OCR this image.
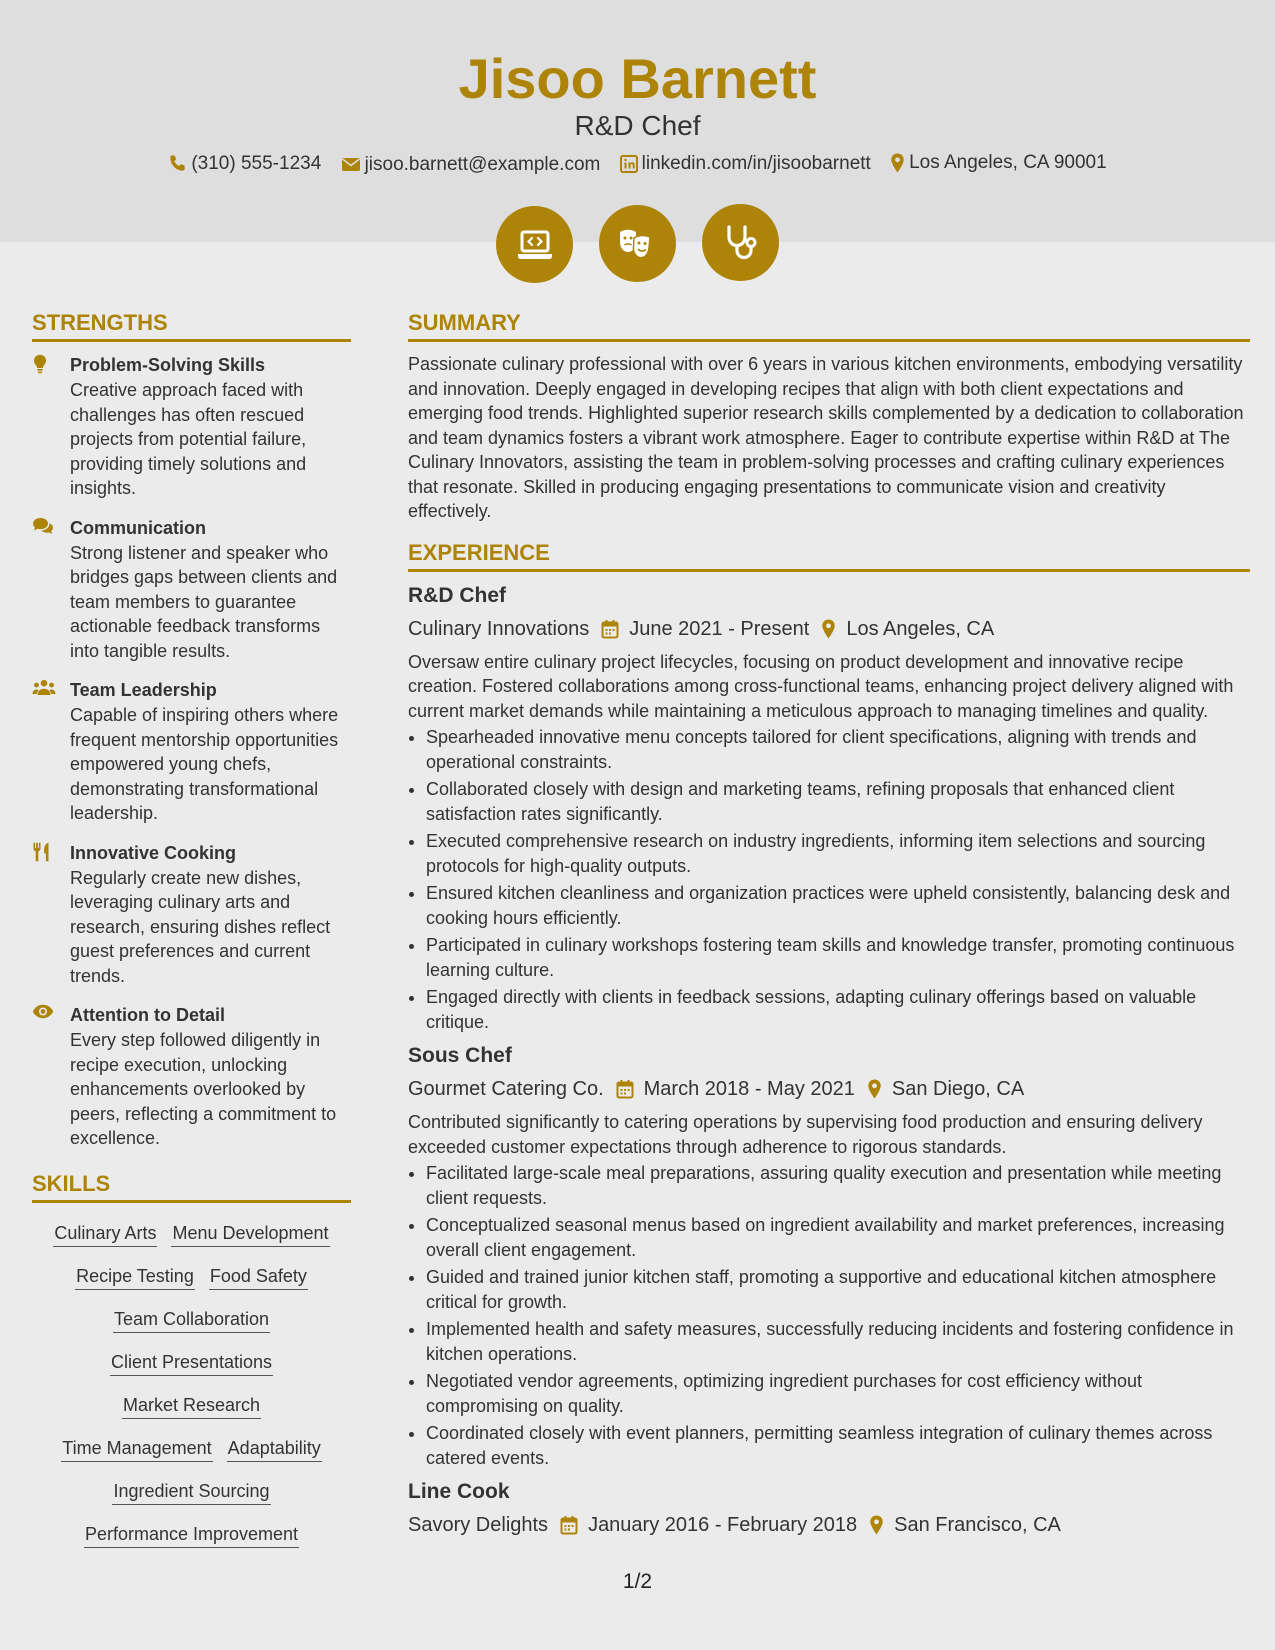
Jisoo Barnett
R&D Chef
(310) 555-1234
jisoo.barnett@example.com
linkedin.com/in/jisoobarnett
Los Angeles, CA 90001

STRENGTHS
Problem-Solving Skills
Creative approach faced with challenges has often rescued projects from potential failure, providing timely solutions and insights.
Communication
Strong listener and speaker who bridges gaps between clients and team members to guarantee actionable feedback transforms into tangible results.
Team Leadership
Capable of inspiring others where frequent mentorship opportunities empowered young chefs, demonstrating transformational leadership.
Innovative Cooking
Regularly create new dishes, leveraging culinary arts and research, ensuring dishes reflect guest preferences and current trends.
Attention to Detail
Every step followed diligently in recipe execution, unlocking enhancements overlooked by peers, reflecting a commitment to excellence.
SKILLS
Culinary Arts Menu Development
Recipe Testing Food Safety
Team Collaboration
Client Presentations
Market Research
Time Management Adaptability
Ingredient Sourcing
Performance Improvement
SUMMARY

Passionate culinary professional with over 6 years in various kitchen environments, embodying versatility and innovation. Deeply engaged in developing recipes that align with both client expectations and emerging food trends. Highlighted superior research skills complemented by a dedication to collaboration and team dynamics fosters a vibrant work atmosphere. Eager to contribute expertise within R&D at The Culinary Innovators, assisting the team in problem-solving processes and crafting culinary experiences that resonate. Skilled in producing engaging presentations to communicate vision and creativity effectively.

EXPERIENCE
R&D Chef
Culinary Innovations June 2021 - Present Los Angeles, CA

Oversaw entire culinary project lifecycles, focusing on product development and innovative recipe creation. Fostered collaborations among cross-functional teams, enhancing project delivery aligned with current market demands while maintaining a meticulous approach to managing timelines and quality.

• Spearheaded innovative menu concepts tailored for client specifications, aligning with trends and operational constraints.
• Collaborated closely with design and marketing teams, refining proposals that enhanced client satisfaction rates significantly.
• Executed comprehensive research on industry ingredients, informing item selections and sourcing protocols for high-quality outputs.
• Ensured kitchen cleanliness and organization practices were upheld consistently, balancing desk and cooking hours efficiently.
• Participated in culinary workshops fostering team skills and knowledge transfer, promoting continuous learning culture.
• Engaged directly with clients in feedback sessions, adapting culinary offerings based on valuable critique.
Sous Chef
Gourmet Catering Co. March 2018 - May 2021 San Diego, CA

Contributed significantly to catering operations by supervising food production and ensuring delivery exceeded customer expectations through adherence to rigorous standards.

• Facilitated large-scale meal preparations, assuring quality execution and presentation while meeting client requests.
• Conceptualized seasonal menus based on ingredient availability and market preferences, increasing overall client engagement.
• Guided and trained junior kitchen staff, promoting a supportive and educational kitchen atmosphere critical for growth.
• Implemented health and safety measures, successfully reducing incidents and fostering confidence in kitchen operations.
• Negotiated vendor agreements, optimizing ingredient purchases for cost efficiency without compromising on quality.
• Coordinated closely with event planners, permitting seamless integration of culinary themes across catered events.
Line Cook
Savory Delights January 2016 - February 2018 San Francisco, CA
1/2
